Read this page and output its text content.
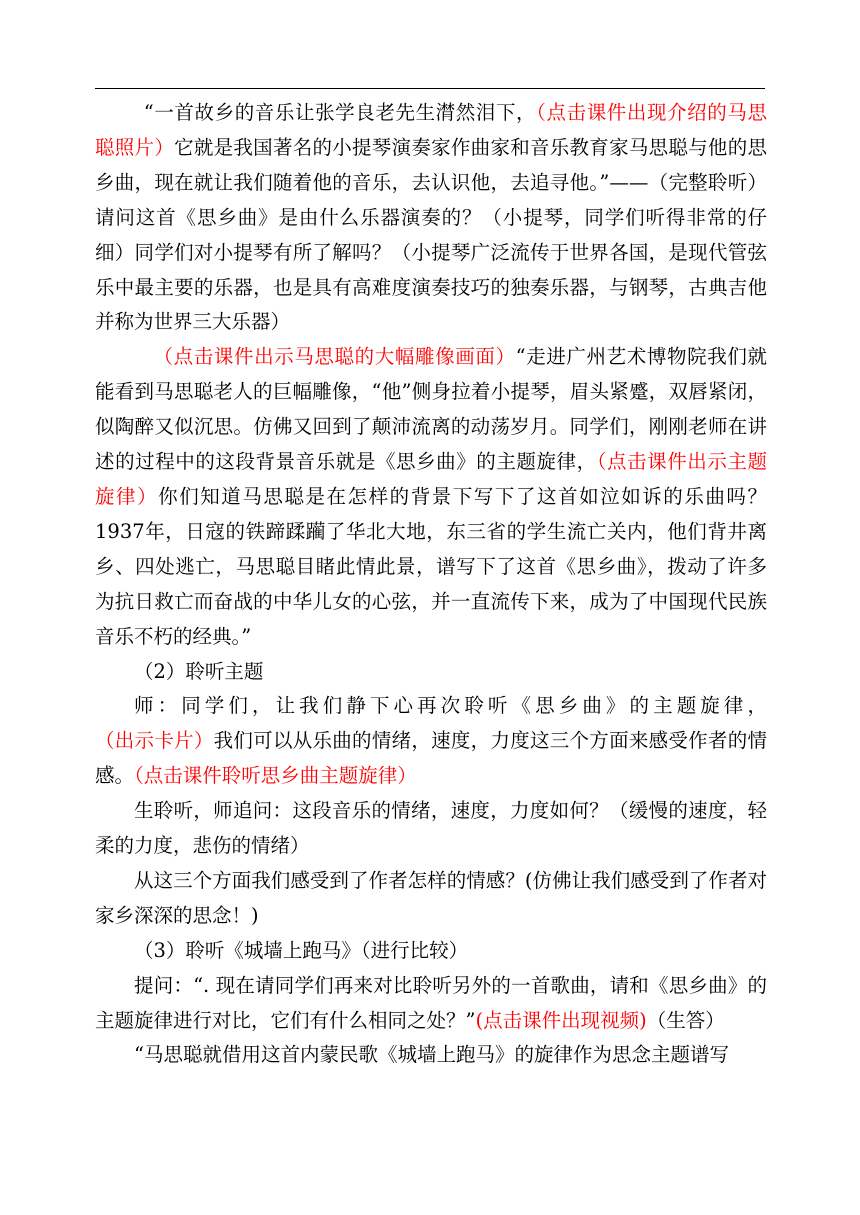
“一首故乡的音乐让张学良老先生潸然泪下，（点击课件出现介绍的马思聪照片）它就是我国著名的小提琴演奏家作曲家和音乐教育家马思聪与他的思乡曲，现在就让我们随着他的音乐，去认识他，去追寻他。”——（完整聆听）请问这首《思乡曲》是由什么乐器演奏的？（小提琴，同学们听得非常的仔细）同学们对小提琴有所了解吗？（小提琴广泛流传于世界各国，是现代管弦乐中最主要的乐器，也是具有高难度演奏技巧的独奏乐器，与钢琴，古典吉他并称为世界三大乐器）

（点击课件出示马思聪的大幅雕像画面）“走进广州艺术博物院我们就能看到马思聪老人的巨幅雕像，“他”侧身拉着小提琴，眉头紧蹙，双唇紧闭，似陶醉又似沉思。仿佛又回到了颠沛流离的动荡岁月。同学们，刚刚老师在讲述的过程中的这段背景音乐就是《思乡曲》的主题旋律，（点击课件出示主题旋律）你们知道马思聪是在怎样的背景下写下了这首如泣如诉的乐曲吗？1937年，日寇的铁蹄蹂躏了华北大地，东三省的学生流亡关内，他们背井离乡、四处逃亡，马思聪目睹此情此景，谱写下了这首《思乡曲》，拨动了许多为抗日救亡而奋战的中华儿女的心弦，并一直流传下来，成为了中国现代民族音乐不朽的经典。”

（2）聆听主题

师：同学们，让我们静下心再次聆听《思乡曲》的主题旋律，（出示卡片）我们可以从乐曲的情绪，速度，力度这三个方面来感受作者的情感。（点击课件聆听思乡曲主题旋律）

生聆听，师追问：这段音乐的情绪，速度，力度如何？（缓慢的速度，轻柔的力度，悲伤的情绪）

从这三个方面我们感受到了作者怎样的情感？(仿佛让我们感受到了作者对家乡深深的思念！)

（3）聆听《城墙上跑马》（进行比较）

提问：“. 现在请同学们再来对比聆听另外的一首歌曲，请和《思乡曲》的主题旋律进行对比，它们有什么相同之处？”(点击课件出现视频)（生答）

“马思聪就借用这首内蒙民歌《城墙上跑马》的旋律作为思念主题谱写
